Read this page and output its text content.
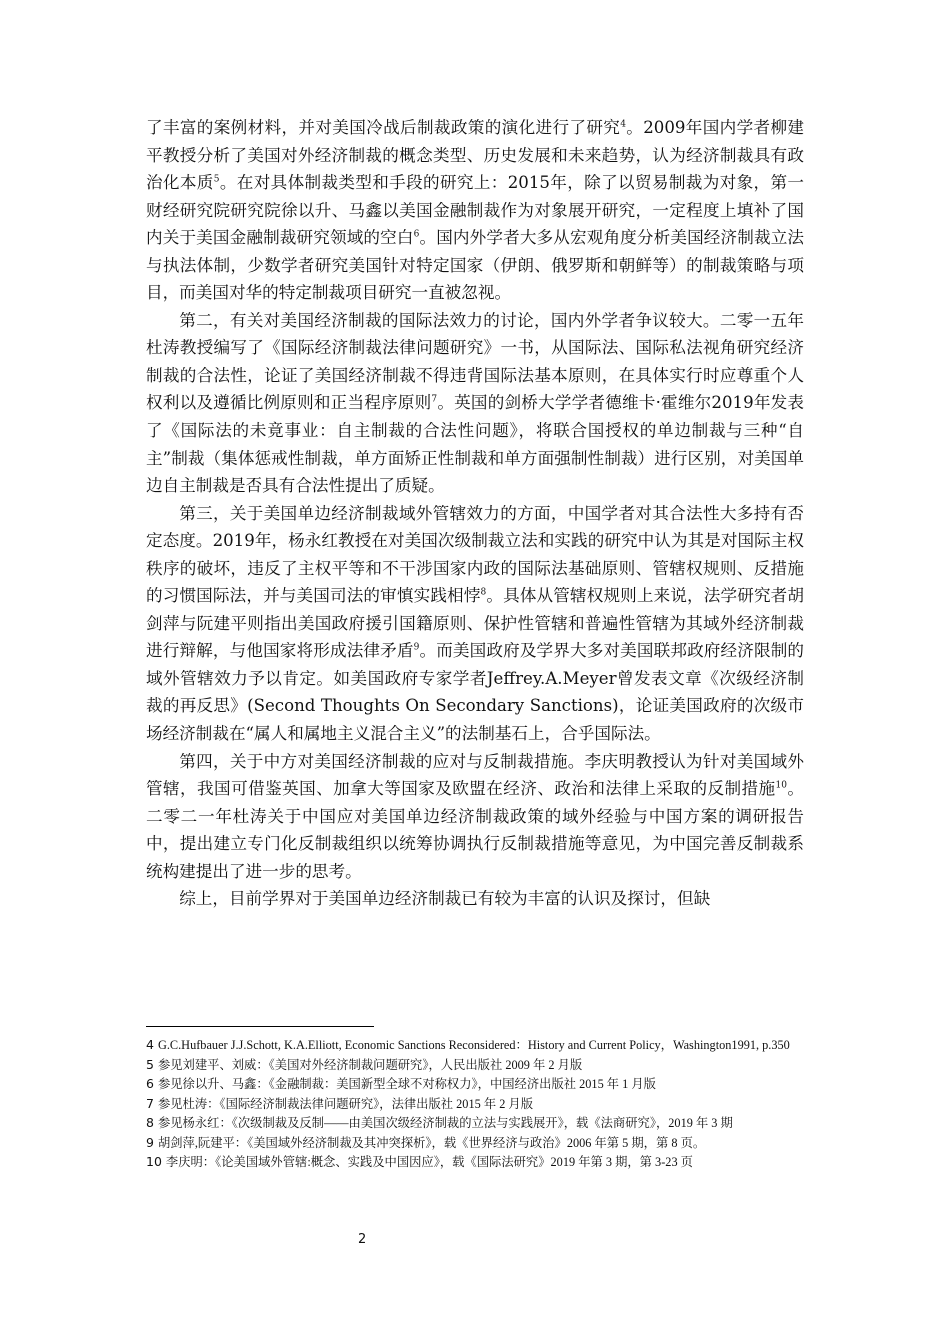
了丰富的案例材料，并对美国冷战后制裁政策的演化进行了研究$^4$。2009年国内学者柳建平教授分析了美国对外经济制裁的概念类型、历史发展和未来趋势，认为经济制裁具有政治化本质$^5$。在对具体制裁类型和手段的研究上：2015年，除了以贸易制裁为对象，第一财经研究院研究院徐以升、马鑫以美国金融制裁作为对象展开研究，一定程度上填补了国内关于美国金融制裁研究领域的空白$^6$。国内外学者大多从宏观角度分析美国经济制裁立法与执法体制，少数学者研究美国针对特定国家（伊朗、俄罗斯和朝鲜等）的制裁策略与项目，而美国对华的特定制裁项目研究一直被忽视。

第二，有关对美国经济制裁的国际法效力的讨论，国内外学者争议较大。二零一五年杜涛教授编写了《国际经济制裁法律问题研究》一书，从国际法、国际私法视角研究经济制裁的合法性，论证了美国经济制裁不得违背国际法基本原则，在具体实行时应尊重个人权利以及遵循比例原则和正当程序原则$^7$。英国的剑桥大学学者德维卡·霍维尔2019年发表了《国际法的未竟事业：自主制裁的合法性问题》，将联合国授权的单边制裁与三种“自主”制裁（集体惩戒性制裁，单方面矫正性制裁和单方面强制性制裁）进行区别，对美国单边自主制裁是否具有合法性提出了质疑。

第三，关于美国单边经济制裁域外管辖效力的方面，中国学者对其合法性大多持有否定态度。2019年，杨永红教授在对美国次级制裁立法和实践的研究中认为其是对国际主权秩序的破坏，违反了主权平等和不干涉国家内政的国际法基础原则、管辖权规则、反措施的习惯国际法，并与美国司法的审慎实践相悖$^8$。具体从管辖权规则上来说，法学研究者胡剑萍与阮建平则指出美国政府援引国籍原则、保护性管辖和普遍性管辖为其域外经济制裁进行辩解，与他国家将形成法律矛盾$^9$。而美国政府及学界大多对美国联邦政府经济限制的域外管辖效力予以肯定。如美国政府专家学者Jeffrey.A.Meyer曾发表文章《次级经济制裁的再反思》(Second Thoughts On Secondary Sanctions)，论证美国政府的次级市场经济制裁在“属人和属地主义混合主义”的法制基石上，合乎国际法。

第四，关于中方对美国经济制裁的应对与反制裁措施。李庆明教授认为针对美国域外管辖，我国可借鉴英国、加拿大等国家及欧盟在经济、政治和法律上采取的反制措施$^{10}$。二零二一年杜涛关于中国应对美国单边经济制裁政策的域外经验与中国方案的调研报告中，提出建立专门化反制裁组织以统筹协调执行反制裁措施等意见，为中国完善反制裁系统构建提出了进一步的思考。

综上，目前学界对于美国单边经济制裁已有较为丰富的认识及探讨，但缺

4 G.C.Hufbauer J.J.Schott, K.A.Elliott, Economic Sanctions Reconsidered：History and Current Policy，Washington1991, p.350

5 参见刘建平、刘威：《美国对外经济制裁问题研究》，人民出版社 2009 年 2 月版

6 参见徐以升、马鑫：《金融制裁：美国新型全球不对称权力》，中国经济出版社 2015 年 1 月版

7 参见杜涛：《国际经济制裁法律问题研究》，法律出版社 2015 年 2 月版

8 参见杨永红：《次级制裁及反制——由美国次级经济制裁的立法与实践展开》，载《法商研究》，2019 年 3 期

9 胡剑萍,阮建平：《美国域外经济制裁及其冲突探析》，载《世界经济与政治》2006 年第 5 期，第 8 页。

10 李庆明：《论美国域外管辖:概念、实践及中国因应》，载《国际法研究》2019 年第 3 期，第 3-23 页

2
